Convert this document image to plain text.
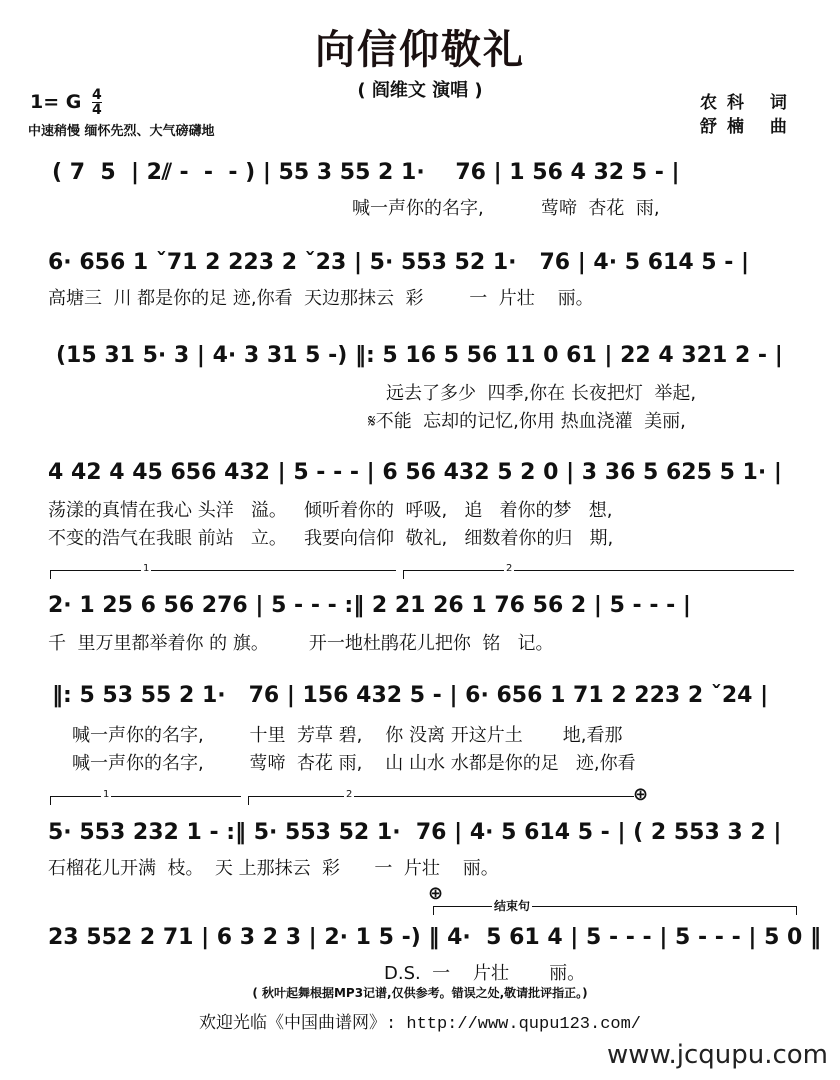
向信仰敬礼
( 阎维文 演唱 )
1= G $\frac{4}{4}$
中速稍慢 缅怀先烈、大气磅礴地
农科 词
舒楠 曲
( 7  5  | 2⫽ -  -  - ) | 55 3 55 2 1·    76 | 1 56 4 32 5 - |
喊一声你的名字,          莺啼  杏花  雨,
6· 656 1 ˇ71 2 223 2 ˇ23 | 5· 553 52 1·   76 | 4· 5 614 5 - |
高塘三  川 都是你的足 迹,你看  天边那抹云  彩        一  片壮    丽。
(15 31 5· 3 | 4· 3 31 5 -) ‖: 5 16 5 56 11 0 61 | 22 4 321 2 - |
远去了多少  四季,你在 长夜把灯  举起,
𝄋不能  忘却的记忆,你用 热血浇灌  美丽,
4 42 4 45 656 432 | 5 - - - | 6 56 432 5 2 0 | 3 36 5 625 5 1· |
荡漾的真情在我心 头洋   溢。   倾听着你的  呼吸,   追   着你的梦   想,
不变的浩气在我眼 前站   立。   我要向信仰  敬礼,   细数着你的归   期,
1	2
2· 1 25 6 56 276 | 5 - - - :‖ 2 21 26 1 76 56 2 | 5 - - - |
千  里万里都举着你 的 旗。       开一地杜鹃花儿把你  铭   记。
‖: 5 53 55 2 1·   76 | 156 432 5 - | 6· 656 1 71 2 223 2 ˇ24 |
喊一声你的名字,        十里  芳草 碧,    你 没离 开这片土       地,看那
喊一声你的名字,        莺啼  杏花 雨,    山 山水 水都是你的足   迹,你看
1	2	⊕
5· 553 232 1 - :‖ 5· 553 52 1·  76 | 4· 5 614 5 - | ( 2 553 3 2 |
石榴花儿开满  枝。  天 上那抹云  彩      一  片壮    丽。
⊕
结束句
23 552 2 71 | 6 3 2 3 | 2· 1 5 -) ‖ 4·  5 61 4 | 5 - - - | 5 - - - | 5 0 ‖
D.S.  一    片壮       丽。
( 秋叶起舞根据MP3记谱,仅供参考。错误之处,敬请批评指正。)
欢迎光临《中国曲谱网》: http://www.qupu123.com/
www.jcqupu.com
